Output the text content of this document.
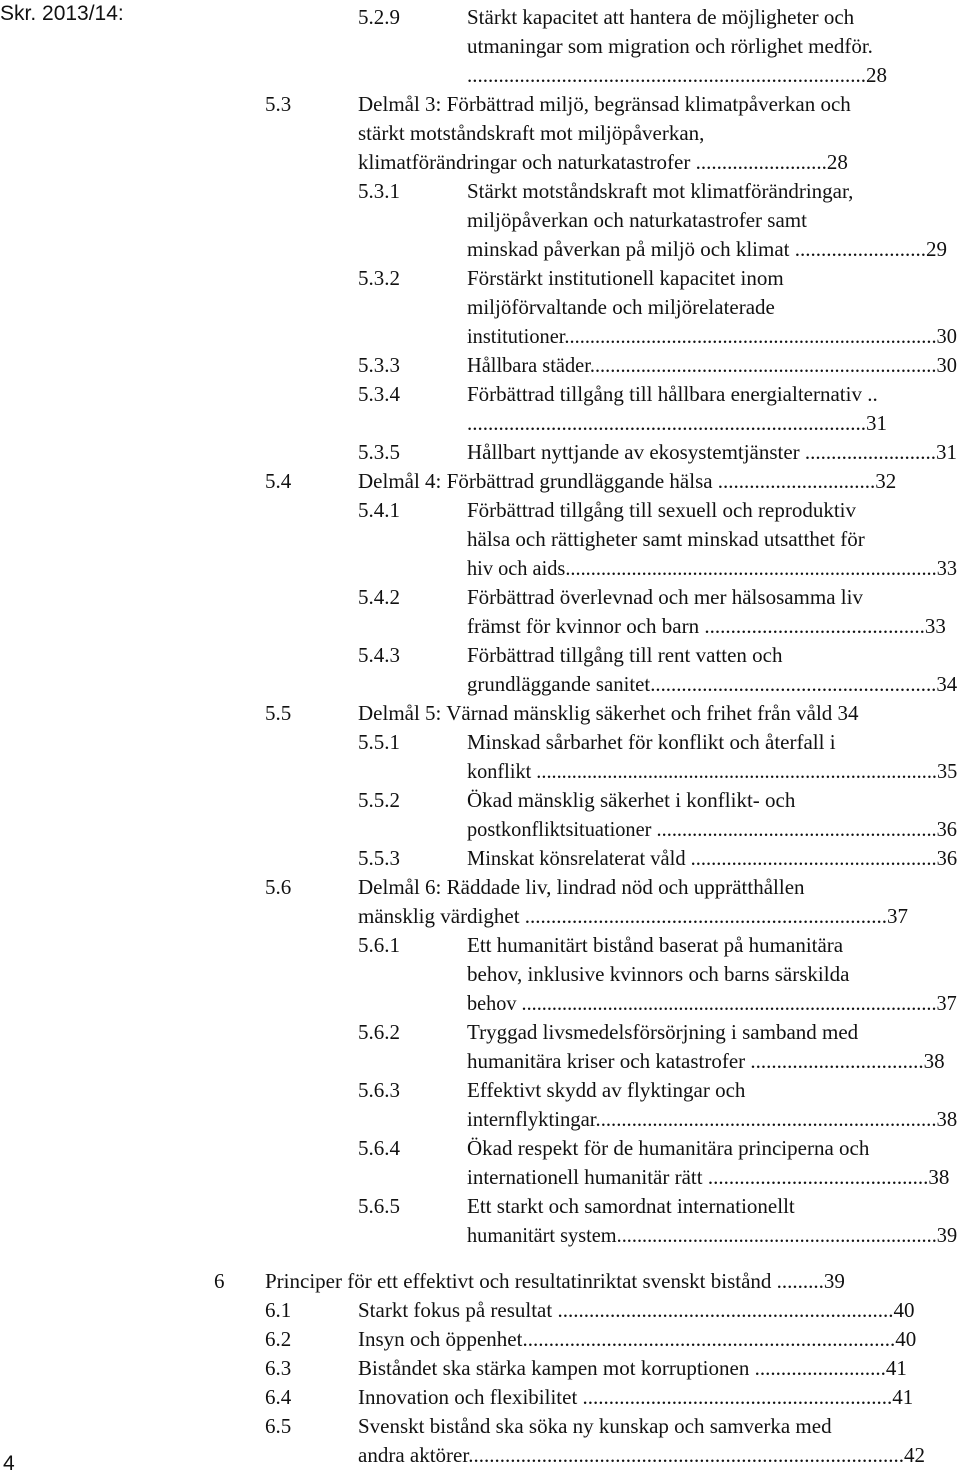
Skr. 2013/14:	5.2.9	Stärkt kapacitet att hantera de möjligheter och
utmaningar som migration och rörlighet medför.
............................................................................28
5.3	Delmål 3: Förbättrad miljö, begränsad klimatpåverkan och
stärkt motståndskraft mot miljöpåverkan,
klimatförändringar och naturkatastrofer .........................28
5.3.1	Stärkt motståndskraft mot klimatförändringar,
miljöpåverkan och naturkatastrofer samt
minskad påverkan på miljö och klimat .........................29
5.3.2	Förstärkt institutionell kapacitet inom
miljöförvaltande och miljörelaterade
institutioner.........................................................................30
5.3.3	Hållbara städer....................................................................30
5.3.4	Förbättrad tillgång till hållbara energialternativ ..
............................................................................31
5.3.5	Hållbart nyttjande av ekosystemtjänster .........................31
5.4	Delmål 4: Förbättrad grundläggande hälsa ..............................32
5.4.1	Förbättrad tillgång till sexuell och reproduktiv
hälsa och rättigheter samt minskad utsatthet för
hiv och aids.........................................................................33
5.4.2	Förbättrad överlevnad och mer hälsosamma liv
främst för kvinnor och barn ..........................................33
5.4.3	Förbättrad tillgång till rent vatten och
grundläggande sanitet.......................................................34
5.5	Delmål 5: Värnad mänsklig säkerhet och frihet från våld 34
5.5.1	Minskad sårbarhet för konflikt och återfall i
konflikt ...............................................................................35
5.5.2	Ökad mänsklig säkerhet i konflikt- och
postkonfliktsituationer .......................................................36
5.5.3	Minskat könsrelaterat våld ................................................36
5.6	Delmål 6: Räddade liv, lindrad nöd och upprätthållen
mänsklig värdighet .....................................................................37
5.6.1	Ett humanitärt bistånd baserat på humanitära
behov, inklusive kvinnors och barns särskilda
behov ..................................................................................37
5.6.2	Tryggad livsmedelsförsörjning i samband med
humanitära kriser och katastrofer .................................38
5.6.3	Effektivt skydd av flyktingar och
internflyktingar..................................................................38
5.6.4	Ökad respekt för de humanitära principerna och
internationell humanitär rätt ..........................................38
5.6.5	Ett starkt och samordnat internationellt
humanitärt system...............................................................39
6 Principer för ett effektivt och resultatinriktat svenskt bistånd .........39
6.1	Starkt fokus på resultat ................................................................40
6.2	Insyn och öppenhet.......................................................................40
6.3	Biståndet ska stärka kampen mot korruptionen .........................41
6.4	Innovation och flexibilitet ...........................................................41
6.5	Svenskt bistånd ska söka ny kunskap och samverka med
andra aktörer...................................................................................42
4
